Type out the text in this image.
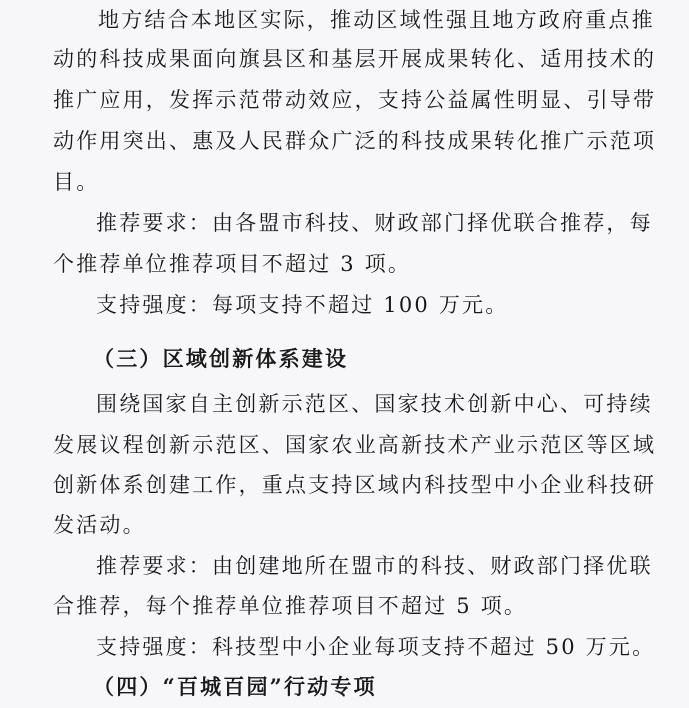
地方结合本地区实际，推动区域性强且地方政府重点推

动的科技成果面向旗县区和基层开展成果转化、适用技术的

推广应用，发挥示范带动效应，支持公益属性明显、引导带

动作用突出、惠及人民群众广泛的科技成果转化推广示范项

目。

推荐要求：由各盟市科技、财政部门择优联合推荐，每

个推荐单位推荐项目不超过 3 项。

支持强度：每项支持不超过 100 万元。

（三）区域创新体系建设

围绕国家自主创新示范区、国家技术创新中心、可持续

发展议程创新示范区、国家农业高新技术产业示范区等区域

创新体系创建工作，重点支持区域内科技型中小企业科技研

发活动。

推荐要求：由创建地所在盟市的科技、财政部门择优联

合推荐，每个推荐单位推荐项目不超过 5 项。

支持强度：科技型中小企业每项支持不超过 50 万元。

（四）“百城百园”行动专项
